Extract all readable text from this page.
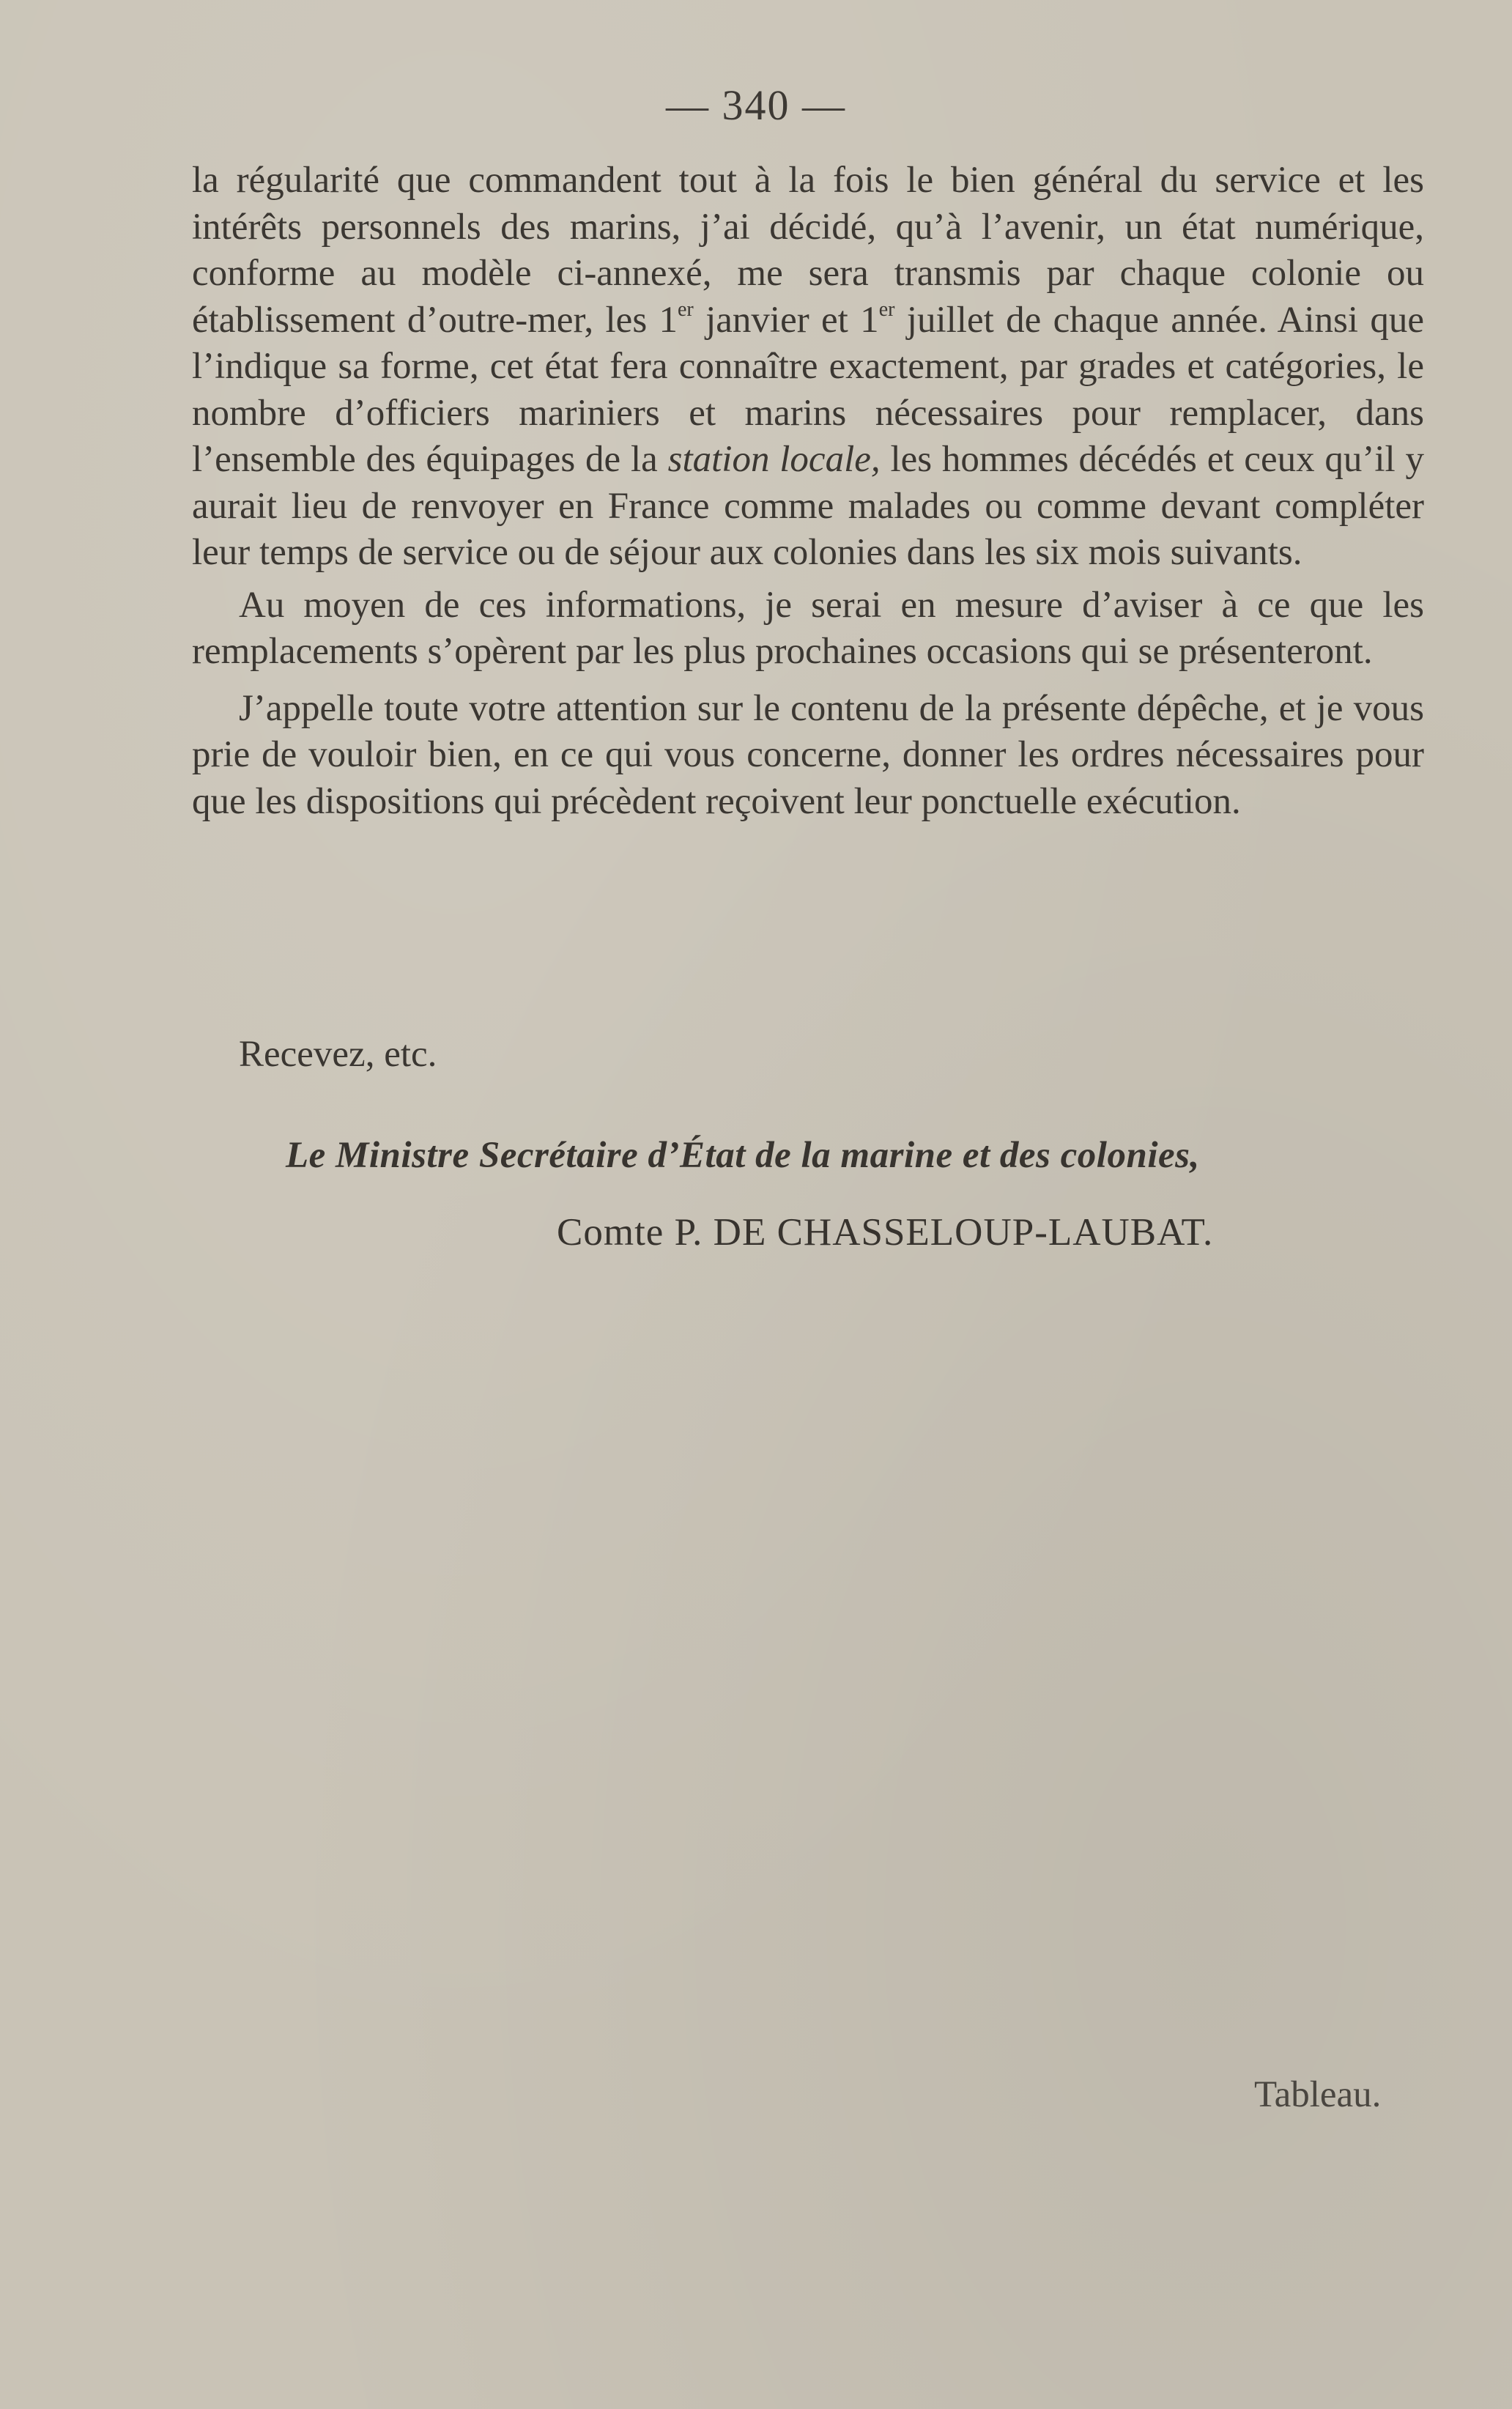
— 340 —

la régularité que commandent tout à la fois le bien général du service et les intérêts personnels des marins, j’ai décidé, qu’à l’avenir, un état numérique, conforme au modèle ci-annexé, me sera transmis par chaque colonie ou établissement d’outre-mer, les 1er janvier et 1er juillet de chaque année. Ainsi que l’indique sa forme, cet état fera connaître exactement, par grades et catégories, le nombre d’officiers mariniers et marins nécessaires pour remplacer, dans l’ensemble des équipages de la station locale, les hommes décédés et ceux qu’il y aurait lieu de renvoyer en France comme malades ou comme devant compléter leur temps de service ou de séjour aux colonies dans les six mois suivants.

Au moyen de ces informations, je serai en mesure d’aviser à ce que les remplacements s’opèrent par les plus prochaines occasions qui se présenteront.

J’appelle toute votre attention sur le contenu de la présente dépêche, et je vous prie de vouloir bien, en ce qui vous concerne, donner les ordres nécessaires pour que les dispositions qui précèdent reçoivent leur ponctuelle exécution.

Recevez, etc.
Le Ministre Secrétaire d’État de la marine et des colonies,
Comte P. DE CHASSELOUP-LAUBAT.
Tableau.
